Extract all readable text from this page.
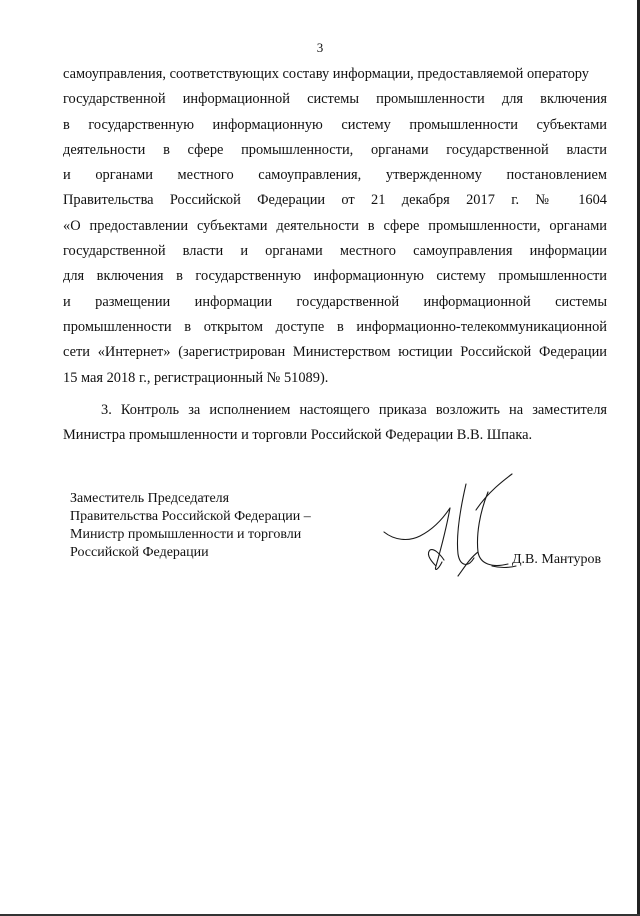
3
самоуправления, соответствующих составу информации, предоставляемой оператору
государственной информационной системы промышленности для включения
в государственную информационную систему промышленности субъектами
деятельности в сфере промышленности, органами государственной власти
и органами местного самоуправления, утвержденному постановлением
Правительства Российской Федерации от 21 декабря 2017 г. № 1604
«О предоставлении субъектами деятельности в сфере промышленности, органами
государственной власти и органами местного самоуправления информации
для включения в государственную информационную систему промышленности
и размещении информации государственной информационной системы
промышленности в открытом доступе в информационно-телекоммуникационной
сети «Интернет» (зарегистрирован Министерством юстиции Российской Федерации
15 мая 2018 г., регистрационный № 51089).
3. Контроль за исполнением настоящего приказа возложить на заместителя
Министра промышленности и торговли Российской Федерации В.В. Шпака.
Заместитель Председателя
Правительства Российской Федерации –
Министр промышленности и торговли
Российской Федерации	Д.В. Мантуров
